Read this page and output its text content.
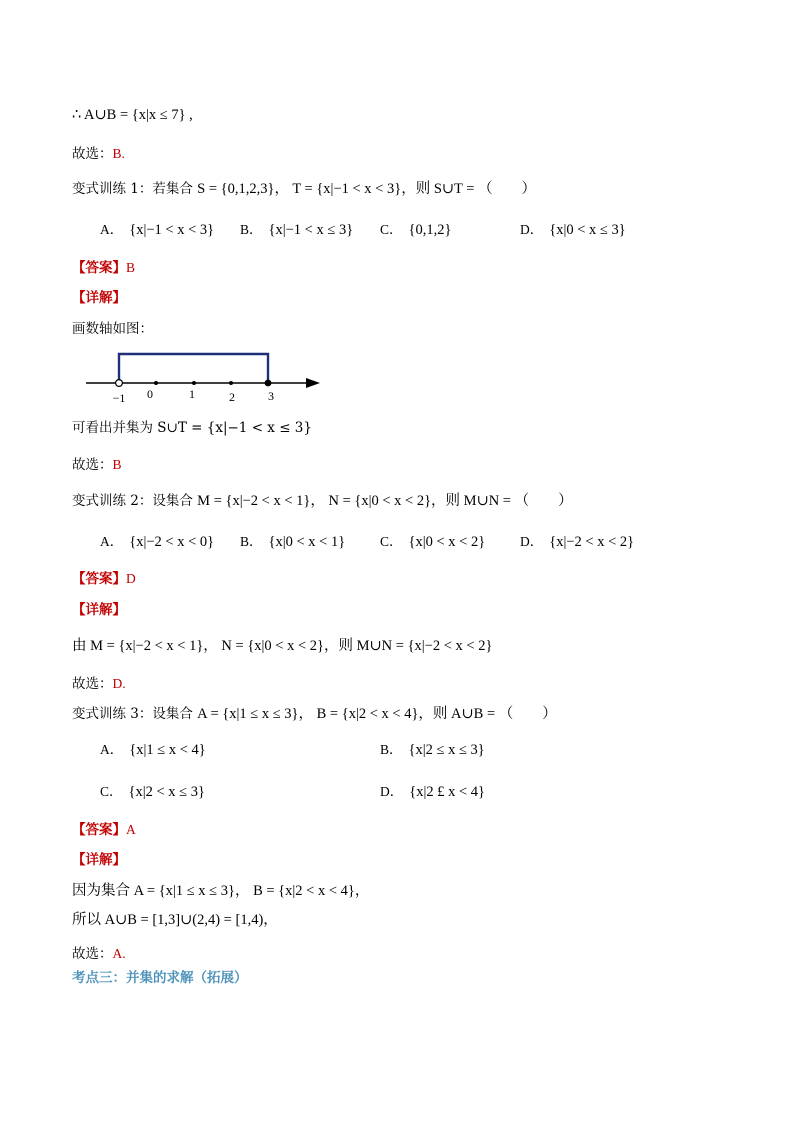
∴ A∪B = {x|x ≤ 7} ,
故选：B.
变式训练 1：若集合 S = {0,1,2,3}， T = {x|−1 < x < 3}，则 S∪T = （　　）
A． {x|−1 < x < 3} B． {x|−1 < x ≤ 3} C． {0,1,2}	D． {x|0 < x ≤ 3}
【答案】B
【详解】
画数轴如图：
−1 0	1	2	3
可看出并集为 S∪T = {x|−1 < x ≤ 3}
故选：B
变式训练 2：设集合 M = {x|−2 < x < 1}， N = {x|0 < x < 2}，则 M∪N = （　　）
A． {x|−2 < x < 0} B． {x|0 < x < 1}	C． {x|0 < x < 2}	D． {x|−2 < x < 2}
【答案】D
【详解】
由 M = {x|−2 < x < 1}， N = {x|0 < x < 2}，则 M∪N = {x|−2 < x < 2}
故选：D.
变式训练 3：设集合 A = {x|1 ≤ x ≤ 3}， B = {x|2 < x < 4}，则 A∪B = （　　）
A． {x|1 ≤ x < 4}	B． {x|2 ≤ x ≤ 3}
C． {x|2 < x ≤ 3}	D． {x|2 £ x < 4}
【答案】A
【详解】
因为集合 A = {x|1 ≤ x ≤ 3}， B = {x|2 < x < 4}，
所以 A∪B = [1,3]∪(2,4) = [1,4)，
故选：A.
考点三：并集的求解（拓展）
